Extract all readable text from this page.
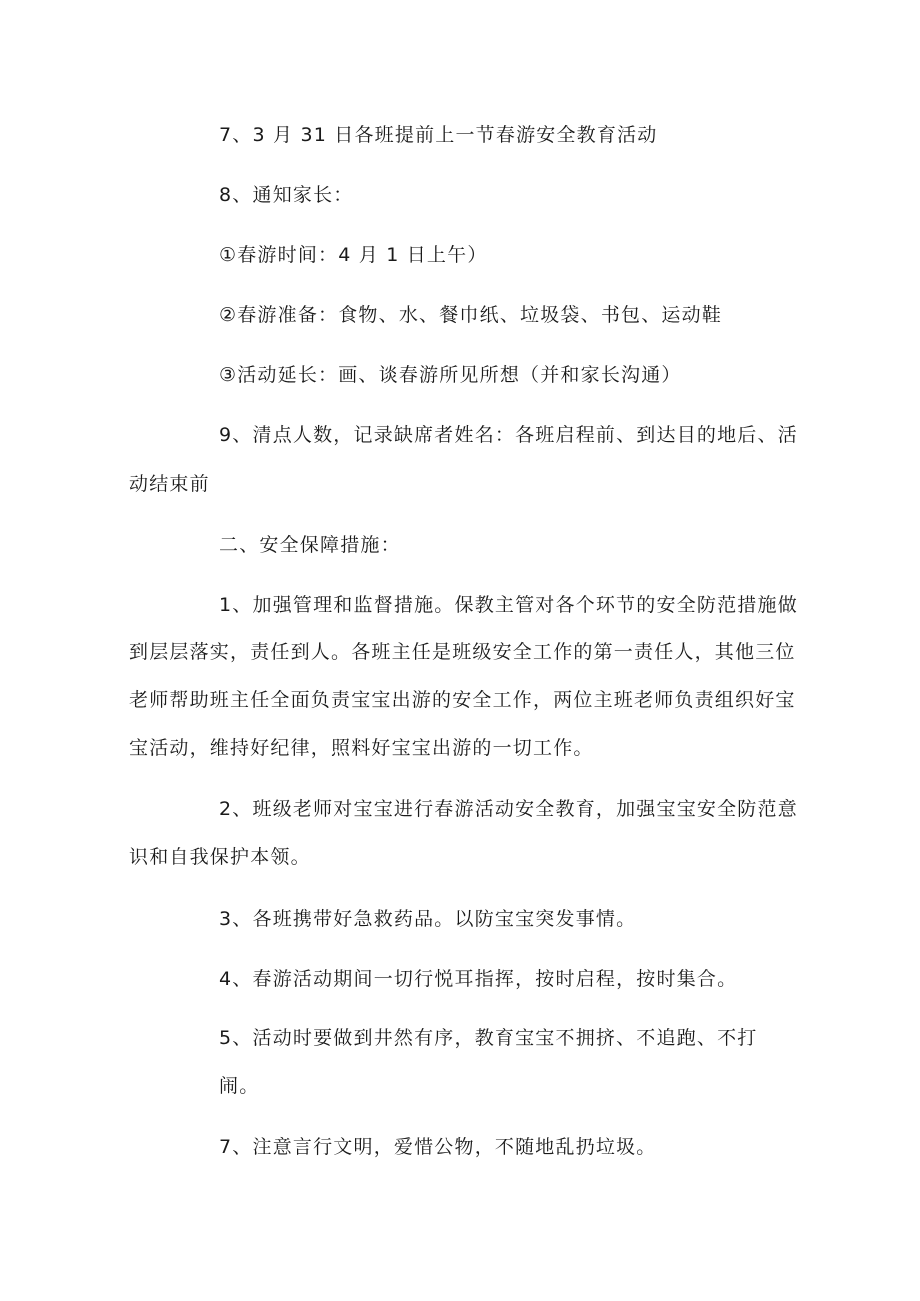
7、3 月 31 日各班提前上一节春游安全教育活动
8、通知家长：
①春游时间：4 月 1 日上午）
②春游准备：食物、水、餐巾纸、垃圾袋、书包、运动鞋
③活动延长：画、谈春游所见所想（并和家长沟通）
9、清点人数，记录缺席者姓名：各班启程前、到达目的地后、活
动结束前
二、安全保障措施：
1、加强管理和监督措施。保教主管对各个环节的安全防范措施做
到层层落实，责任到人。各班主任是班级安全工作的第一责任人，其他三位
老师帮助班主任全面负责宝宝出游的安全工作，两位主班老师负责组织好宝
宝活动，维持好纪律，照料好宝宝出游的一切工作。
2、班级老师对宝宝进行春游活动安全教育，加强宝宝安全防范意
识和自我保护本领。
3、各班携带好急救药品。以防宝宝突发事情。
4、春游活动期间一切行悦耳指挥，按时启程，按时集合。
5、活动时要做到井然有序，教育宝宝不拥挤、不追跑、不打
闹。
7、注意言行文明，爱惜公物，不随地乱扔垃圾。
